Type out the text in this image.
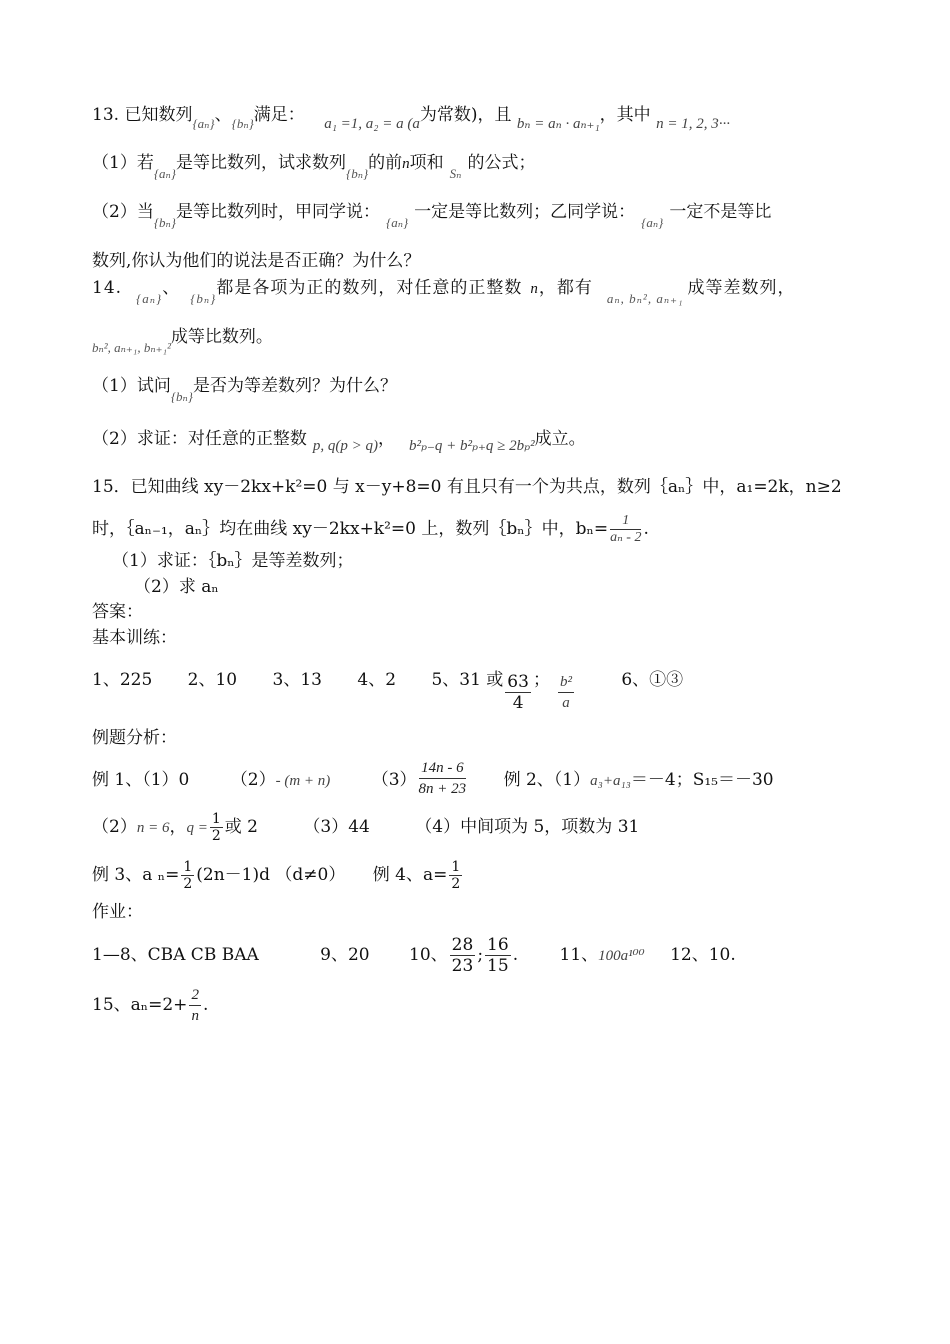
13. 已知数列$_{\{a_n\}}$、$_{\{b_n\}}$满足： a₁ =1, a₂ = a (a为常数)，且 bₙ = aₙ · aₙ₊₁，其中 n = 1, 2, 3···
（1）若$_{\{a_n\}}$是等比数列，试求数列$_{\{b_n\}}$的前n项和$_{S_n}$的公式；
（2）当$_{\{b_n\}}$是等比数列时，甲同学说：$_{\{a_n\}}$一定是等比数列；乙同学说：$_{\{a_n\}}$一定不是等比
数列,你认为他们的说法是否正确？为什么？
$14._{\{a_n\}}$、$_{\{b_n\}}$都是各项为正的数列，对任意的正整数 n，都有$_{a_n, b_n^2, a_{n+1}}$成等差数列，
$_{b_n^2, a_{n+1}, b_{n+1}^2}$成等比数列。
（1）试问$_{\{b_n\}}$是否为等差数列？为什么？
（2）求证：对任意的正整数 p, q(p > q)， b²ₚ₋q + b²ₚ₊q ≥ 2bₚ²成立。
15．已知曲线 xy－2kx+k²=0 与 x－y+8=0 有且只有一个为共点，数列｛aₙ｝中，a₁=2k，n≥2
时，｛aₙ₋₁，aₙ｝均在曲线 xy－2kx+k²=0 上，数列｛bₙ｝中，$b_n= \frac{1}{\text{aₙ - 2}}$ .
（1）求证：｛bₙ｝是等差数列；
（2）求 aₙ
答案：
基本训练：
1、225 2、10 3、13 4、2 5、31 或 $\frac{63}{4}$ ； $\frac{\text{b²}}{a}$	6、①③
例题分析：
例 1、（1）0 （2）- (m + n) $(3) \frac{14n - 6}{8n + 23}$ 例 2、（1）a₃+a₁₃＝－4；S₁₅＝－30
（2）n = 6，$q = \frac{1}{2}$ 或 2	（3）44	（4）中间项为 5，项数为 31
例 3、a $_n= \frac{1}{2} (2n-1)d$ （d≠0） 例 4、$a= \frac{1}{2}$
作业：
1—8、CBA CB BAA	9、20 10、 $\frac{28}{23}$ ; $\frac{16}{15}$ . 11、100a¹⁰⁰ 12、10.
15、$a_n=2+ \frac{2}{n}$ .
